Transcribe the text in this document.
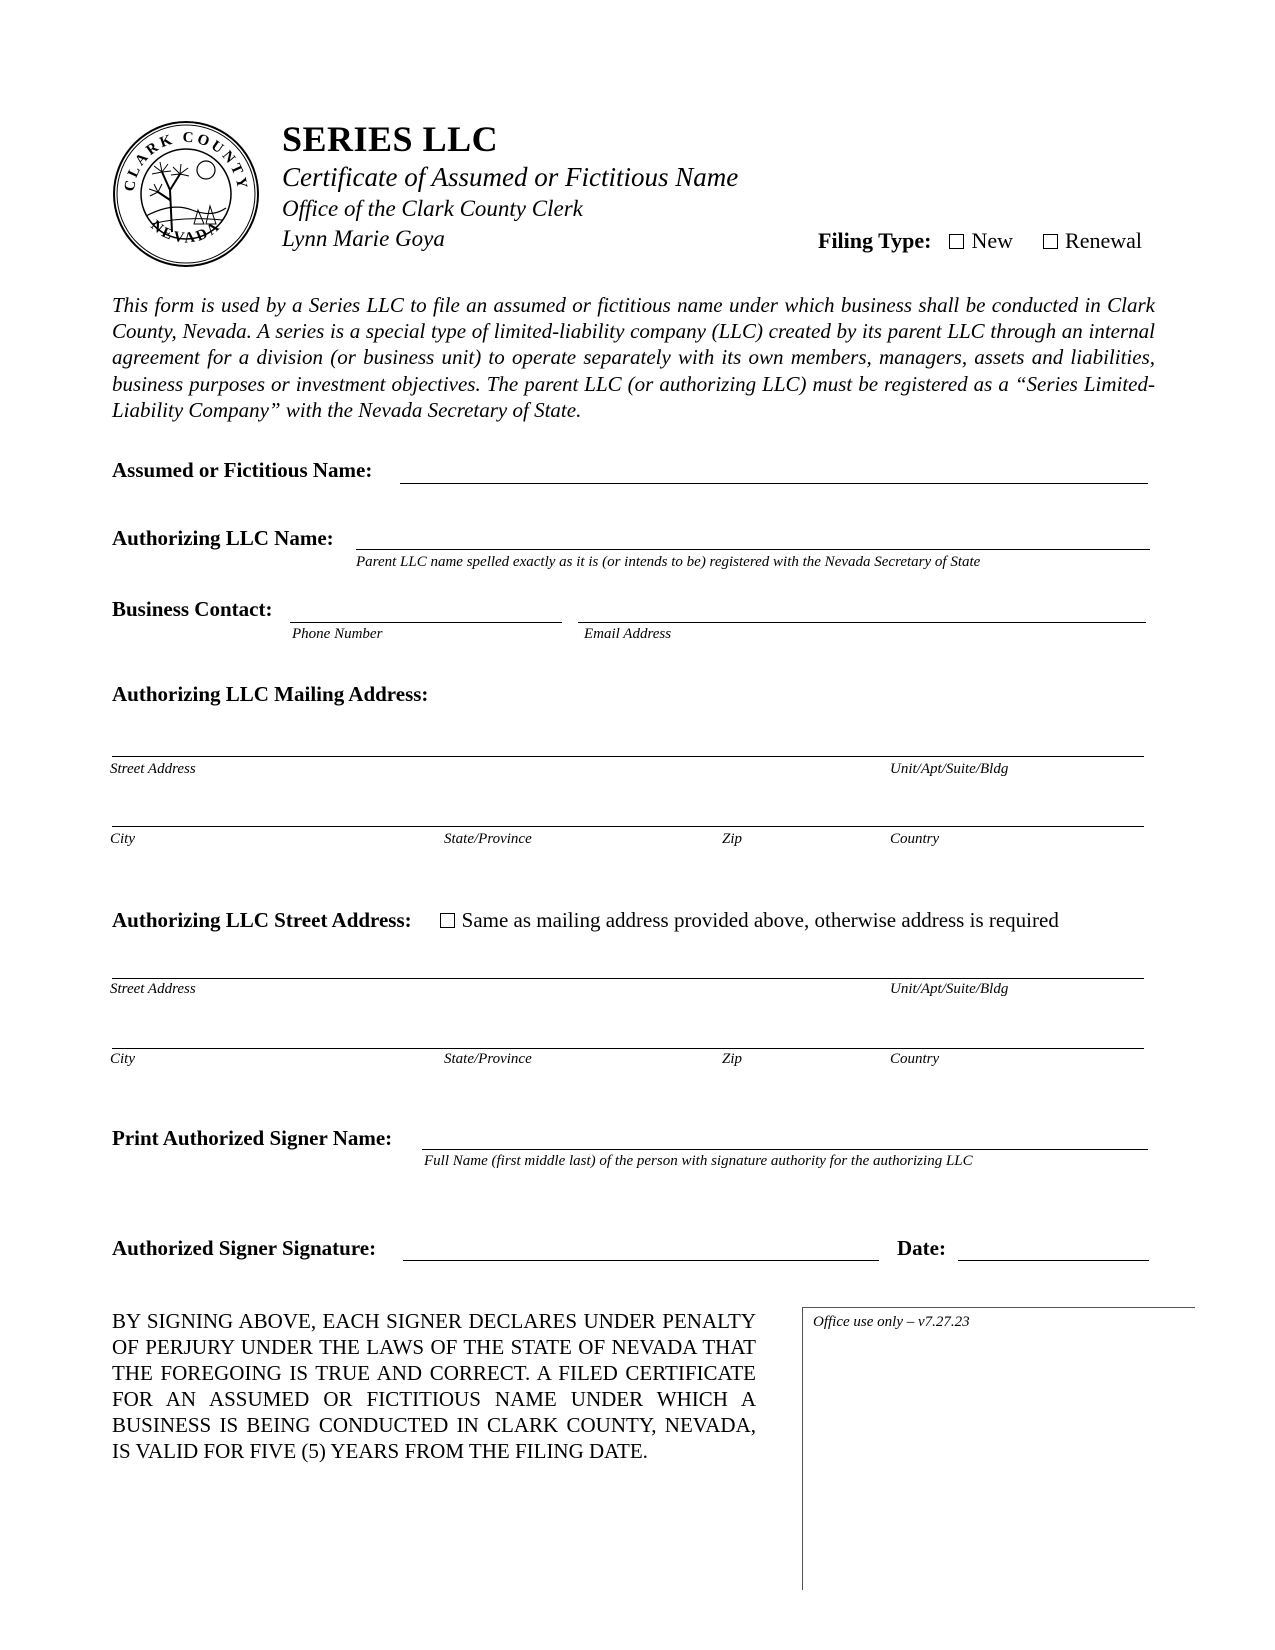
CLARK COUNTY
NEVADA
SERIES LLC
Certificate of Assumed or Fictitious Name
Office of the Clark County Clerk
Lynn Marie Goya	Filing Type: New Renewal
This form is used by a Series LLC to file an assumed or fictitious name under which business shall be conducted in Clark County, Nevada. A series is a special type of limited-liability company (LLC) created by its parent LLC through an internal agreement for a division (or business unit) to operate separately with its own members, managers, assets and liabilities, business purposes or investment objectives. The parent LLC (or authorizing LLC) must be registered as a “Series Limited-Liability Company” with the Nevada Secretary of State.
Assumed or Fictitious Name:
Authorizing LLC Name:
Parent LLC name spelled exactly as it is (or intends to be) registered with the Nevada Secretary of State
Business Contact:
Phone Number	Email Address
Authorizing LLC Mailing Address:
Street Address	Unit/Apt/Suite/Bldg
City	State/Province	Zip	Country
Authorizing LLC Street Address: Same as mailing address provided above, otherwise address is required
Street Address	Unit/Apt/Suite/Bldg
City	State/Province	Zip	Country
Print Authorized Signer Name:
Full Name (first middle last) of the person with signature authority for the authorizing LLC
Authorized Signer Signature:	Date:
BY SIGNING ABOVE, EACH SIGNER DECLARES UNDER PENALTY OF PERJURY UNDER THE LAWS OF THE STATE OF NEVADA THAT THE FOREGOING IS TRUE AND CORRECT. A FILED CERTIFICATE FOR AN ASSUMED OR FICTITIOUS NAME UNDER WHICH A BUSINESS IS BEING CONDUCTED IN CLARK COUNTY, NEVADA, IS VALID FOR FIVE (5) YEARS FROM THE FILING DATE.
Office use only – v7.27.23
